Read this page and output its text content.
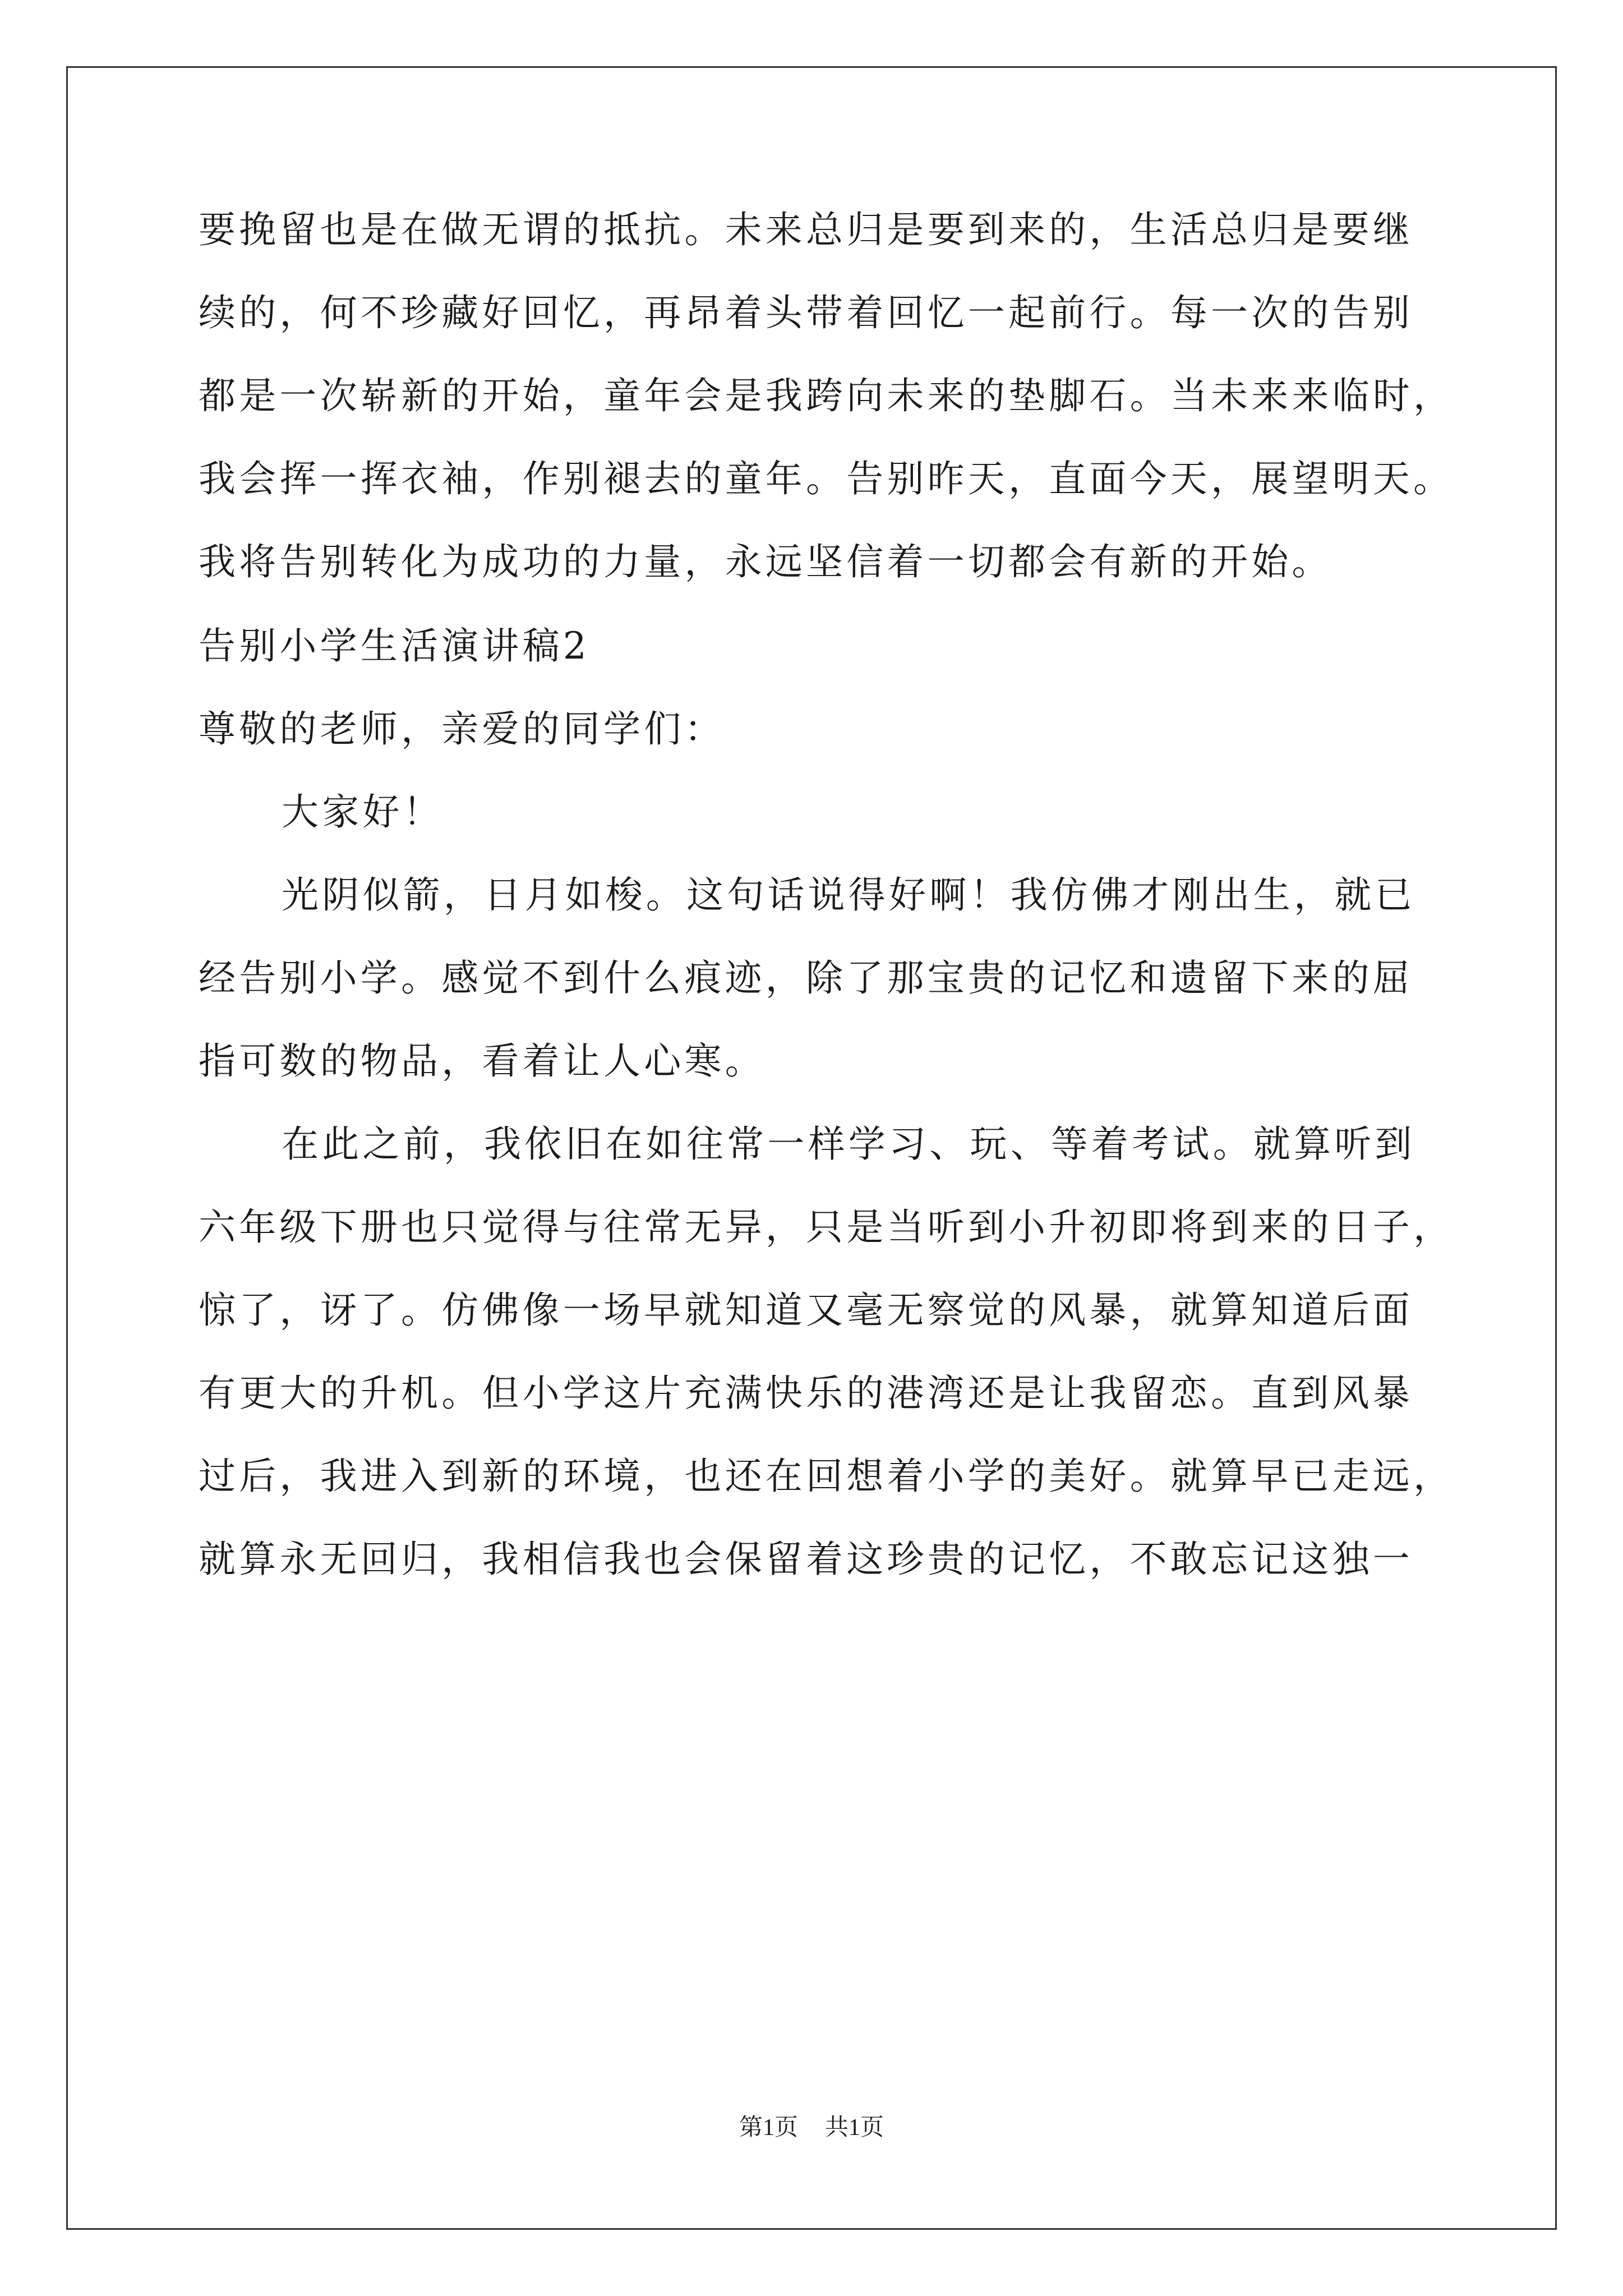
要挽留也是在做无谓的抵抗。未来总归是要到来的，生活总归是要继
续的，何不珍藏好回忆，再昂着头带着回忆一起前行。每一次的告别
都是一次崭新的开始，童年会是我跨向未来的垫脚石。当未来来临时，
我会挥一挥衣袖，作别褪去的童年。告别昨天，直面今天，展望明天。
我将告别转化为成功的力量，永远坚信着一切都会有新的开始。
告别小学生活演讲稿2
尊敬的老师，亲爱的同学们：
大家好！
光阴似箭，日月如梭。这句话说得好啊！我仿佛才刚出生，就已
经告别小学。感觉不到什么痕迹，除了那宝贵的记忆和遗留下来的屈
指可数的物品，看着让人心寒。
在此之前，我依旧在如往常一样学习、玩、等着考试。就算听到
六年级下册也只觉得与往常无异，只是当听到小升初即将到来的日子，
惊了，讶了。仿佛像一场早就知道又毫无察觉的风暴，就算知道后面
有更大的升机。但小学这片充满快乐的港湾还是让我留恋。直到风暴
过后，我进入到新的环境，也还在回想着小学的美好。就算早已走远，
就算永无回归，我相信我也会保留着这珍贵的记忆，不敢忘记这独一
第1页 共1页
